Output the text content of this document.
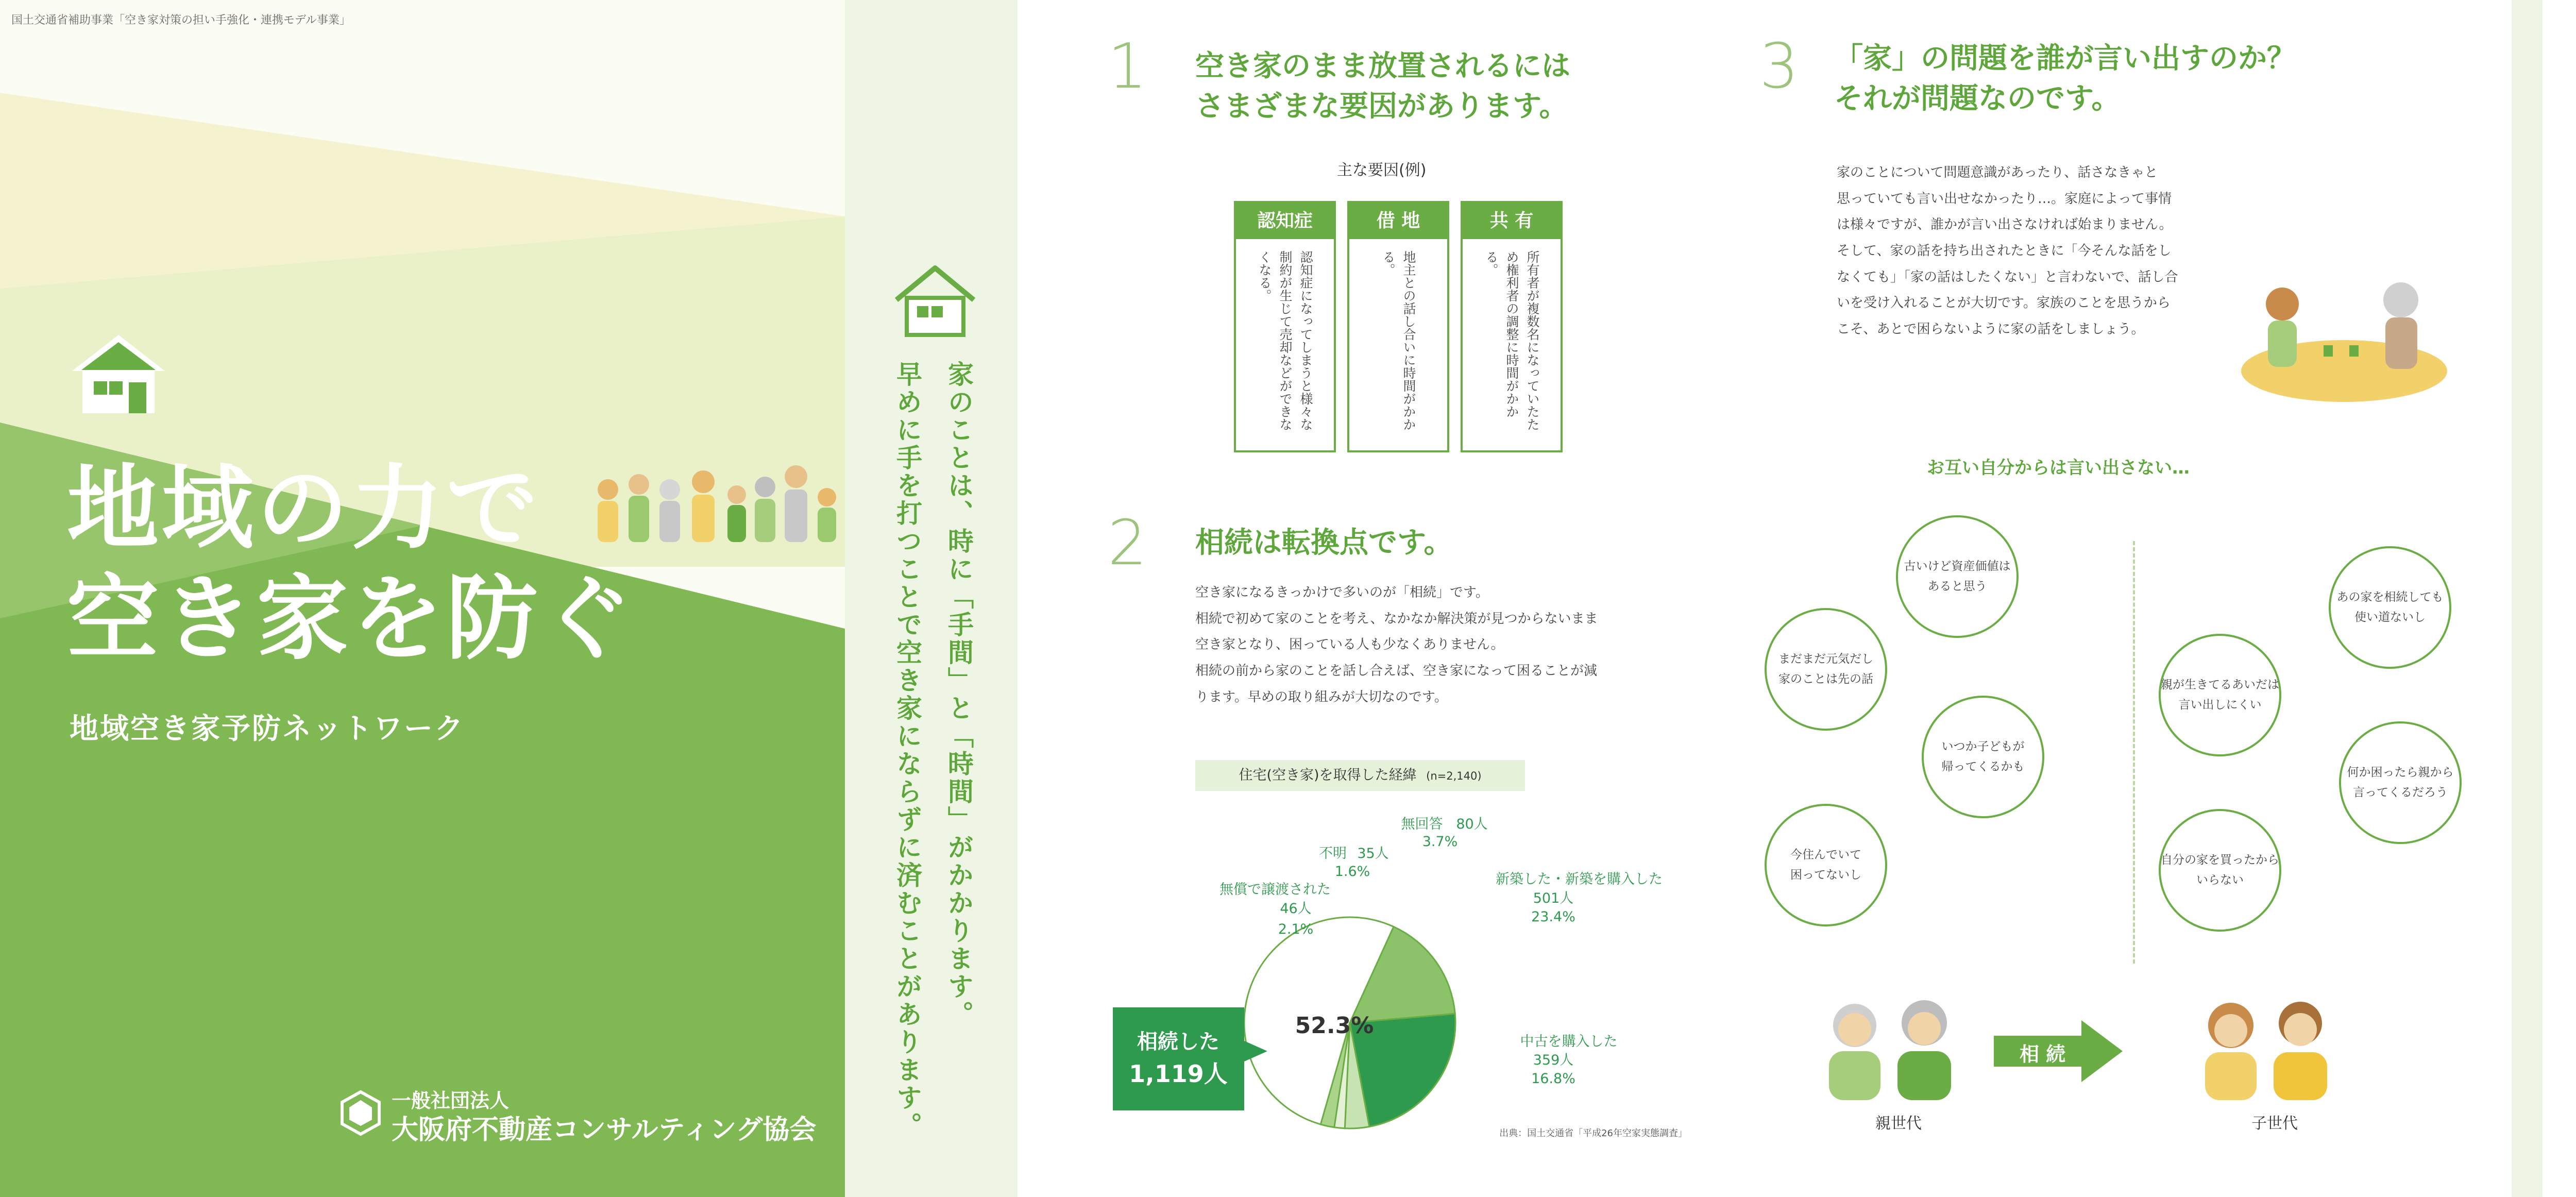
国土交通省補助事業「空き家対策の担い手強化・連携モデル事業」
地域の力で
空き家を防ぐ
地域空き家予防ネットワーク
一般社団法人
大阪府不動産コンサルティング協会
家のことは、時に「手間」と「時間」がかかります。
早めに手を打つことで空き家にならずに済むことがあります。
1 空き家のまま放置されるには
さまざまな要因があります。
主な要因(例)
認知症
認知症になってしまうと様々な制約が生じて売却などができなくなる。
借 地
地主との話し合いに時間がかかる。
共 有
所有者が複数名になっていたため権利者の調整に時間がかかる。
2 相続は転換点です。
空き家になるきっかけで多いのが「相続」です。
相続で初めて家のことを考え、なかなか解決策が見つからないまま
空き家となり、困っている人も少なくありません。
相続の前から家のことを話し合えば、空き家になって困ることが減
ります。早めの取り組みが大切なのです。
住宅(空き家)を取得した経緯 (n=2,140)
52.3%
相続した
1,119人
無回答 80人
3.7%
不明 35人
1.6%
無償で譲渡された
46人
2.1%
新築した・新築を購入した
501人
23.4%
中古を購入した
359人
16.8%
出典：国土交通省「平成26年空家実態調査」
3 「家」の問題を誰が言い出すのか？
それが問題なのです。
家のことについて問題意識があったり、話さなきゃと
思っていても言い出せなかったり…。家庭によって事情
は様々ですが、誰かが言い出さなければ始まりません。
そして、家の話を持ち出されたときに「今そんな話をし
なくても」「家の話はしたくない」と言わないで、話し合
いを受け入れることが大切です。家族のことを思うから
こそ、あとで困らないように家の話をしましょう。
お互い自分からは言い出さない…
古いけど資産価値は
あると思う
まだまだ元気だし
家のことは先の話
いつか子どもが
帰ってくるかも
今住んでいて
困ってないし
あの家を相続しても
使い道ないし
親が生きてるあいだは
言い出しにくい
何か困ったら親から
言ってくるだろう
自分の家を買ったから
いらない
親世代
相 続
子世代
